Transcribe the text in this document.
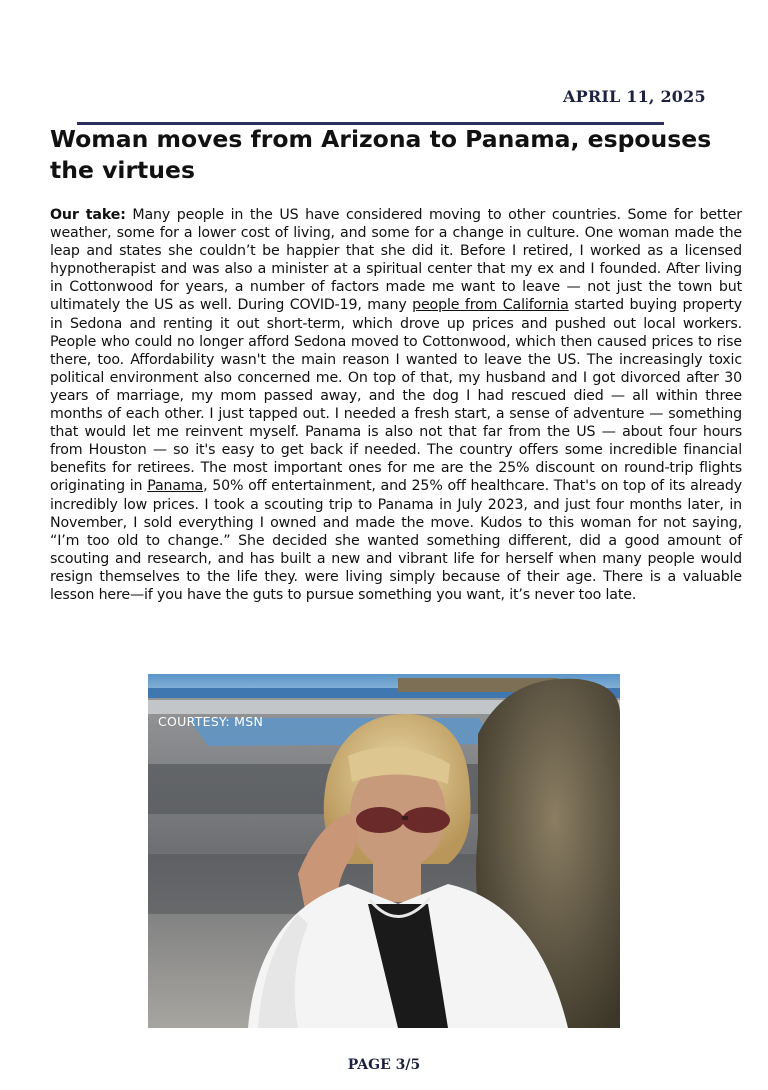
APRIL 11, 2025
Woman moves from Arizona to Panama, espouses the virtues

Our take: Many people in the US have considered moving to other countries. Some for better weather, some for a lower cost of living, and some for a change in culture. One woman made the leap and states she couldn’t be happier that she did it. Before I retired, I worked as a licensed hypnotherapist and was also a minister at a spiritual center that my ex and I founded. After living in Cottonwood for years, a number of factors made me want to leave — not just the town but ultimately the US as well. During COVID-19, many people from California started buying property in Sedona and renting it out short-term, which drove up prices and pushed out local workers. People who could no longer afford Sedona moved to Cottonwood, which then caused prices to rise there, too. Affordability wasn't the main reason I wanted to leave the US. The increasingly toxic political environment also concerned me. On top of that, my husband and I got divorced after 30 years of marriage, my mom passed away, and the dog I had rescued died — all within three months of each other. I just tapped out. I needed a fresh start, a sense of adventure — something that would let me reinvent myself. Panama is also not that far from the US — about four hours from Houston — so it's easy to get back if needed. The country offers some incredible financial benefits for retirees. The most important ones for me are the 25% discount on round-trip flights originating in Panama, 50% off entertainment, and 25% off healthcare. That's on top of its already incredibly low prices. I took a scouting trip to Panama in July 2023, and just four months later, in November, I sold everything I owned and made the move. Kudos to this woman for not saying, “I’m too old to change.” She decided she wanted something different, did a good amount of scouting and research, and has built a new and vibrant life for herself when many people would resign themselves to the life they. were living simply because of their age. There is a valuable lesson here—if you have the guts to pursue something you want, it’s never too late.

COURTESY: MSN
PAGE 3/5
